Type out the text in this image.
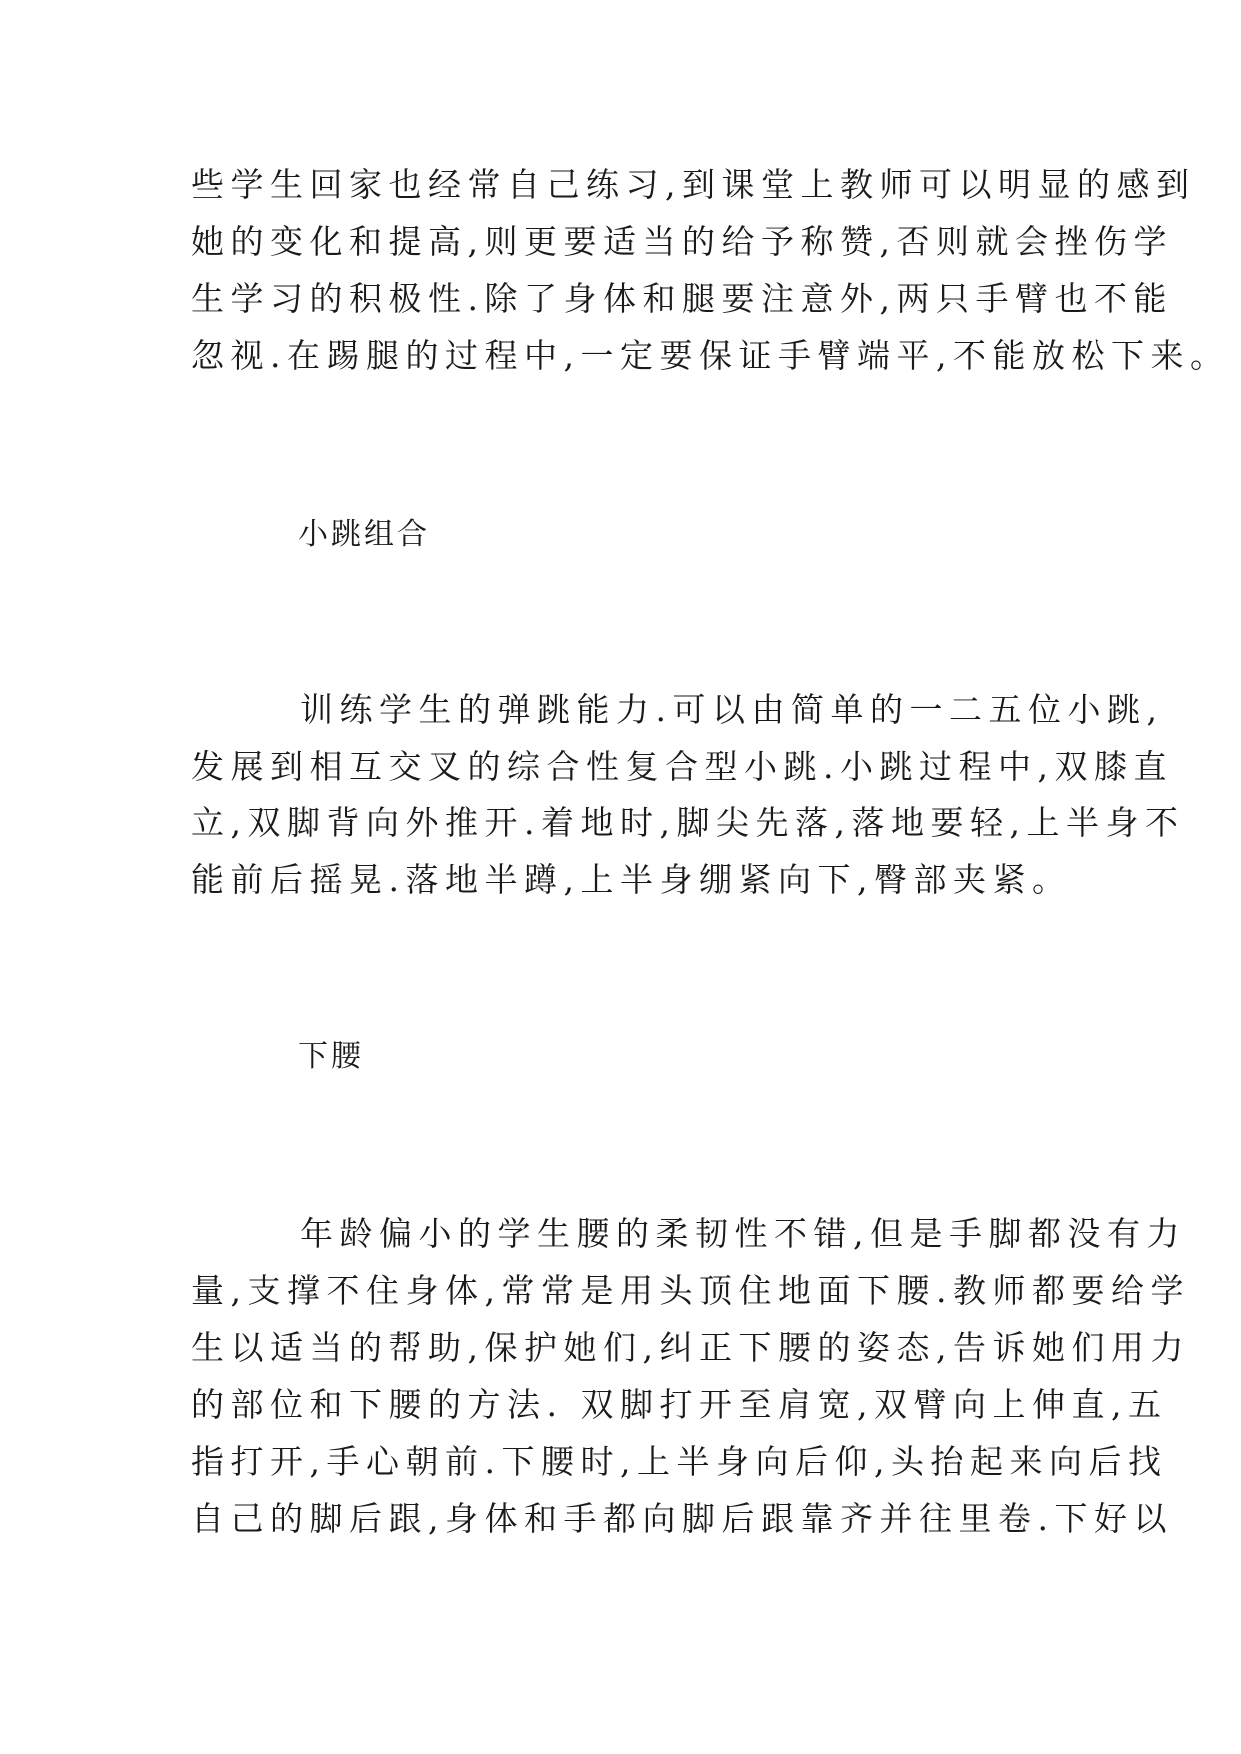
些学生回家也经常自己练习,到课堂上教师可以明显的感到
她的变化和提高,则更要适当的给予称赞,否则就会挫伤学
生学习的积极性.除了身体和腿要注意外,两只手臂也不能
忽视.在踢腿的过程中,一定要保证手臂端平,不能放松下来。
小跳组合
训练学生的弹跳能力.可以由简单的一二五位小跳,
发展到相互交叉的综合性复合型小跳.小跳过程中,双膝直
立,双脚背向外推开.着地时,脚尖先落,落地要轻,上半身不
能前后摇晃.落地半蹲,上半身绷紧向下,臀部夹紧。
下腰
年龄偏小的学生腰的柔韧性不错,但是手脚都没有力
量,支撑不住身体,常常是用头顶住地面下腰.教师都要给学
生以适当的帮助,保护她们,纠正下腰的姿态,告诉她们用力
的部位和下腰的方法. 双脚打开至肩宽,双臂向上伸直,五
指打开,手心朝前.下腰时,上半身向后仰,头抬起来向后找
自己的脚后跟,身体和手都向脚后跟靠齐并往里卷.下好以
